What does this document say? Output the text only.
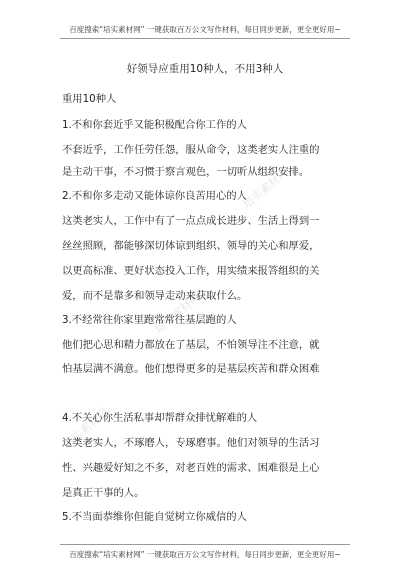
百度搜索“培实素材网” 一键获取百万公文写作材料，每日同步更新，更全更好用~
培实素材网
培实素材网
培实素材网
好领导应重用10种人，不用3种人
重用10种人
1.不和你套近乎又能积极配合你工作的人
不套近乎，工作任劳任怨，服从命令，这类老实人注重的
是主动干事，不习惯于察言观色，一切听从组织安排。
2.不和你多走动又能体谅你良苦用心的人
这类老实人，工作中有了一点点成长进步、生活上得到一
丝丝照顾，都能够深切体谅到组织、领导的关心和厚爱，
以更高标准、更好状态投入工作，用实绩来报答组织的关
爱，而不是靠多和领导走动来获取什么。
3.不经常往你家里跑常常往基层跑的人
他们把心思和精力都放在了基层，不怕领导注不注意，就
怕基层满不满意。他们想得更多的是基层疾苦和群众困难
4.不关心你生活私事却帮群众排忧解难的人
这类老实人，不琢磨人，专琢磨事。他们对领导的生活习
性、兴趣爱好知之不多，对老百姓的需求、困难很是上心
是真正干事的人。
5.不当面恭维你但能自觉树立你威信的人
百度搜索“培实素材网” 一键获取百万公文写作材料，每日同步更新，更全更好用~
